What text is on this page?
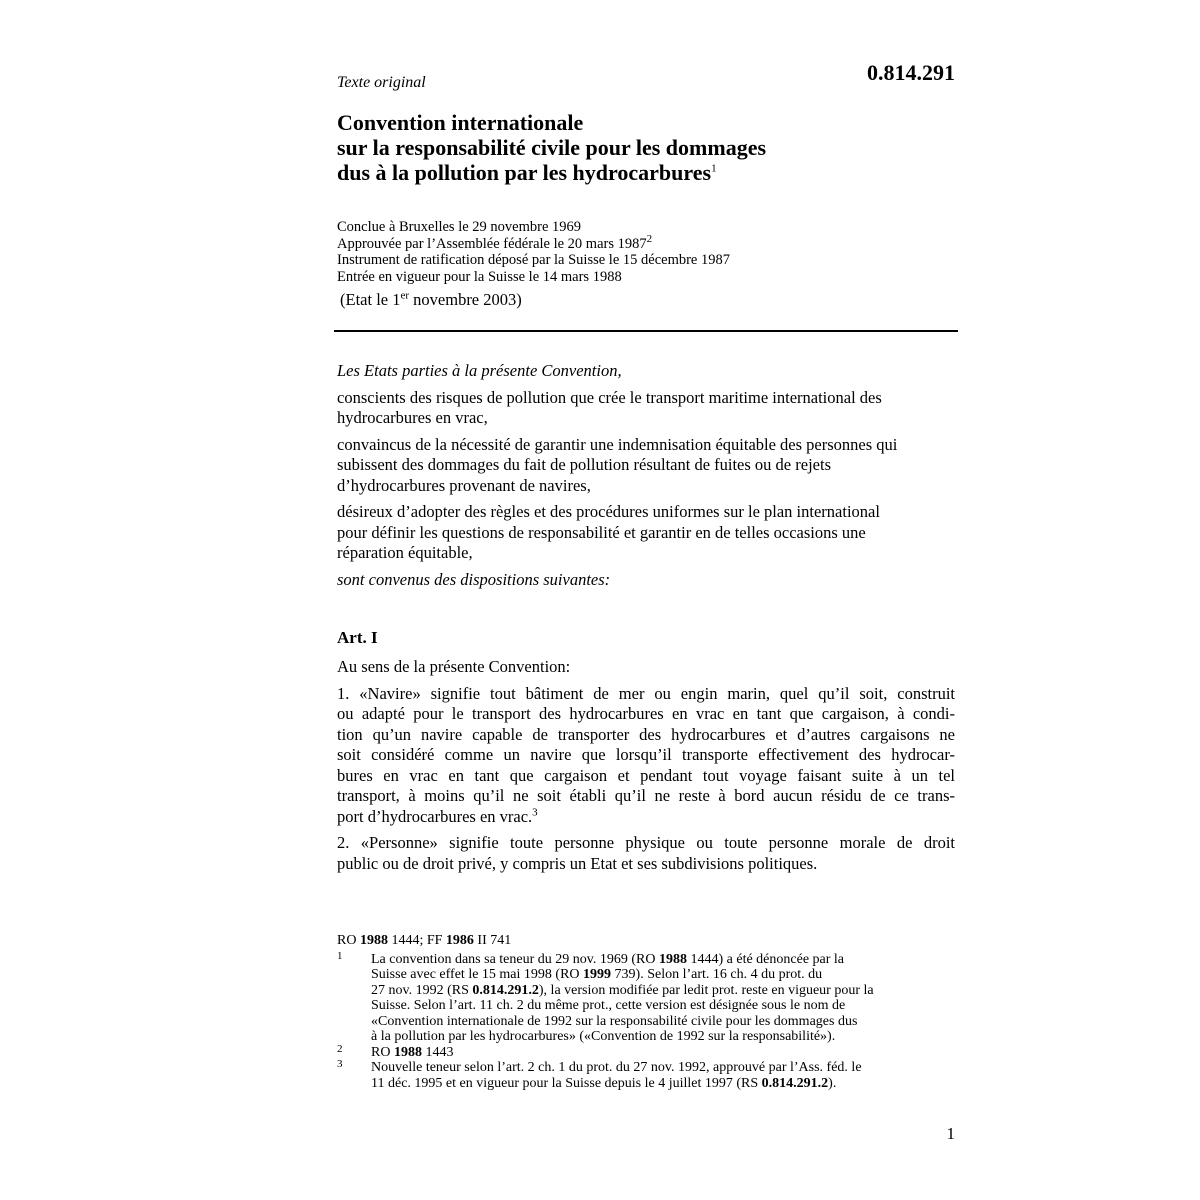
0.814.291
Texte original
Convention internationale
sur la responsabilité civile pour les dommages
dus à la pollution par les hydrocarbures$^1$
Conclue à Bruxelles le 29 novembre 1969
Approuvée par l’Assemblée fédérale le 20 mars 1987$^2$
Instrument de ratification déposé par la Suisse le 15 décembre 1987
Entrée en vigueur pour la Suisse le 14 mars 1988
(Etat le 1er novembre 2003)

Les Etats parties à la présente Convention,

conscients des risques de pollution que crée le transport maritime international des
hydrocarbures en vrac,

convaincus de la nécessité de garantir une indemnisation équitable des personnes qui
subissent des dommages du fait de pollution résultant de fuites ou de rejets
d’hydrocarbures provenant de navires,

désireux d’adopter des règles et des procédures uniformes sur le plan international
pour définir les questions de responsabilité et garantir en de telles occasions une
réparation équitable,

sont convenus des dispositions suivantes:

Art. I

Au sens de la présente Convention:

1. «Navire» signifie tout bâtiment de mer ou engin marin, quel qu’il soit, construit
ou adapté pour le transport des hydrocarbures en vrac en tant que cargaison, à condi-
tion qu’un navire capable de transporter des hydrocarbures et d’autres cargaisons ne
soit considéré comme un navire que lorsqu’il transporte effectivement des hydrocar-
bures en vrac en tant que cargaison et pendant tout voyage faisant suite à un tel
transport, à moins qu’il ne soit établi qu’il ne reste à bord aucun résidu de ce trans-
port d’hydrocarbures en vrac.$^3$

2. «Personne» signifie toute personne physique ou toute personne morale de droit
public ou de droit privé, y compris un Etat et ses subdivisions politiques.

RO 1988 1444; FF 1986 II 741
1 La convention dans sa teneur du 29 nov. 1969 (RO 1988 1444) a été dénoncée par la
Suisse avec effet le 15 mai 1998 (RO 1999 739). Selon l’art. 16 ch. 4 du prot. du
27 nov. 1992 (RS 0.814.291.2), la version modifiée par ledit prot. reste en vigueur pour la
Suisse. Selon l’art. 11 ch. 2 du même prot., cette version est désignée sous le nom de
«Convention internationale de 1992 sur la responsabilité civile pour les dommages dus
à la pollution par les hydrocarbures» («Convention de 1992 sur la responsabilité»).
2 RO 1988 1443
3 Nouvelle teneur selon l’art. 2 ch. 1 du prot. du 27 nov. 1992, approuvé par l’Ass. féd. le
11 déc. 1995 et en vigueur pour la Suisse depuis le 4 juillet 1997 (RS 0.814.291.2).
1
